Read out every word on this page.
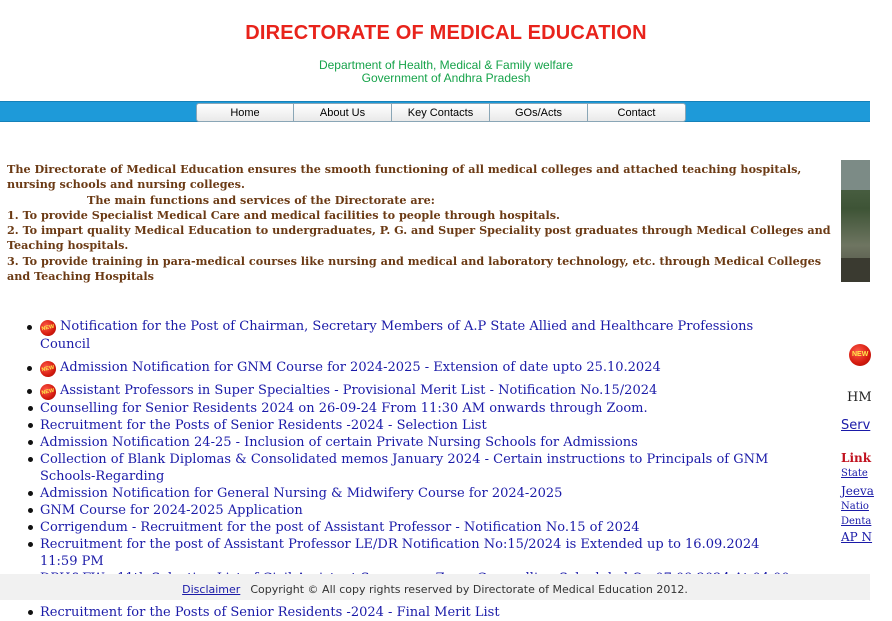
DIRECTORATE OF MEDICAL EDUCATION
Department of Health, Medical & Family welfare
Government of Andhra Pradesh
Home	About Us	Key Contacts	GOs/Acts	Contact

The Directorate of Medical Education ensures the smooth functioning of all medical colleges and attached teaching hospitals, nursing schools and nursing colleges.

The main functions and services of the Directorate are:

1. To provide Specialist Medical Care and medical facilities to people through hospitals.

2. To impart quality Medical Education to undergraduates, P. G. and Super Speciality post graduates through Medical Colleges and Teaching hospitals.

3. To provide training in para-medical courses like nursing and medical and laboratory technology, etc. through Medical Colleges and Teaching Hospitals

NEW Notification for the Post of Chairman, Secretary Members of A.P State Allied and Healthcare Professions Council
NEW Admission Notification for GNM Course for 2024-2025 - Extension of date upto 25.10.2024
NEW Assistant Professors in Super Specialties - Provisional Merit List - Notification No.15/2024
Counselling for Senior Residents 2024 on 26-09-24 From 11:30 AM onwards through Zoom.
Recruitment for the Posts of Senior Residents -2024 - Selection List
Admission Notification 24-25 - Inclusion of certain Private Nursing Schools for Admissions
Collection of Blank Diplomas & Consolidated memos January 2024 - Certain instructions to Principals of GNM Schools-Regarding
Admission Notification for General Nursing & Midwifery Course for 2024-2025
GNM Course for 2024-2025 Application
Corrigendum - Recruitment for the post of Assistant Professor - Notification No.15 of 2024
Recruitment for the post of Assistant Professor LE/DR Notification No:15/2024 is Extended up to 16.09.2024 11:59 PM
Recruitment for the Posts of Senior Residents -2024 - Final Merit List
NEW
HM
Serv
Link
State
Jeeva
Natio
Denta
AP N
Disclaimer Copyright © All copy rights reserved by Directorate of Medical Education 2012.
